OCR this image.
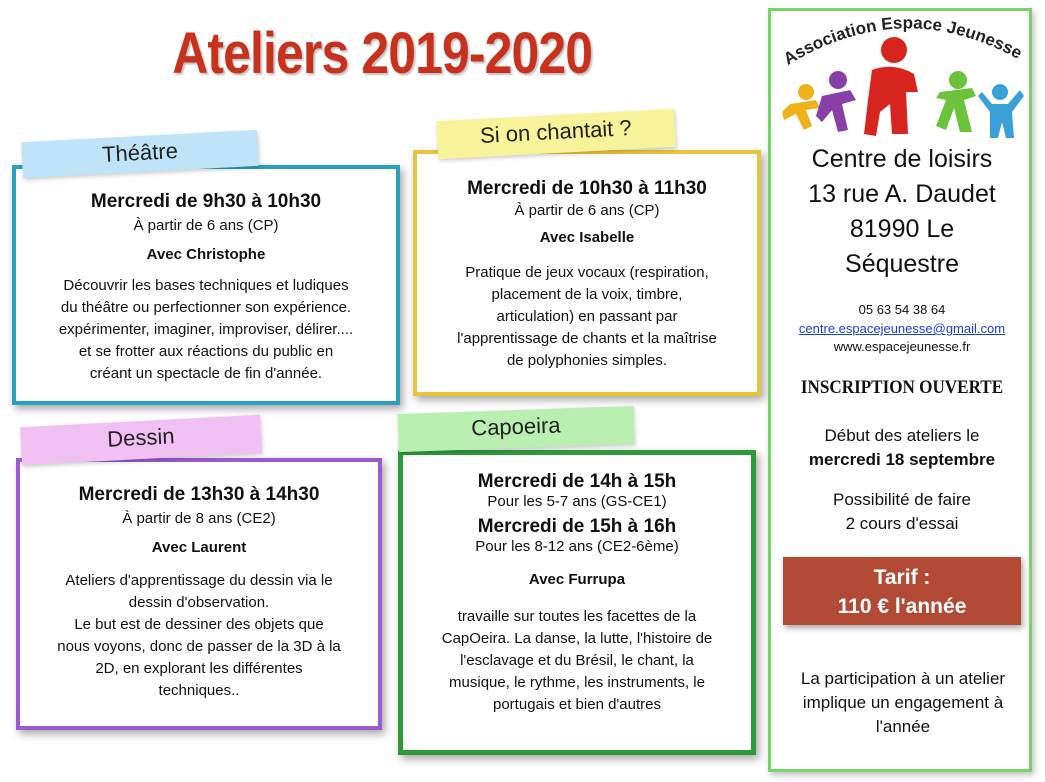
Ateliers 2019-2020
Mercredi de 9h30 à 10h30
À partir de 6 ans (CP)
Avec Christophe
Découvrir les bases techniques et ludiques
du théâtre ou perfectionner son expérience.
expérimenter, imaginer, improviser, délirer....
et se frotter aux réactions du public en
créant un spectacle de fin d'année.
Théâtre
Mercredi de 10h30 à 11h30
À partir de 6 ans (CP)
Avec Isabelle
Pratique de jeux vocaux (respiration,
placement de la voix, timbre,
articulation) en passant par
l'apprentissage de chants et la maîtrise
de polyphonies simples.
Si on chantait ?
Mercredi de 13h30 à 14h30
À partir de 8 ans (CE2)
Avec Laurent
Ateliers d'apprentissage du dessin via le
dessin d'observation.
Le but est de dessiner des objets que
nous voyons, donc de passer de la 3D à la
2D, en explorant les différentes
techniques..
Dessin
Mercredi de 14h à 15h
Pour les 5-7 ans (GS-CE1)
Mercredi de 15h à 16h
Pour les 8-12 ans (CE2-6ème)
Avec Furrupa
travaille sur toutes les facettes de la
CapOeira. La danse, la lutte, l'histoire de
l'esclavage et du Brésil, le chant, la
musique, le rythme, les instruments, le
portugais et bien d'autres
Capoeira
Association Espace Jeunesse
Centre de loisirs
13 rue A. Daudet
81990 Le
Séquestre
05 63 54 38 64
centre.espacejeunesse@gmail.com
www.espacejeunesse.fr
INSCRIPTION OUVERTE
Début des ateliers le
mercredi 18 septembre
Possibilité de faire
2 cours d'essai
Tarif :
110 € l'année
La participation à un atelier
implique un engagement à
l'année
